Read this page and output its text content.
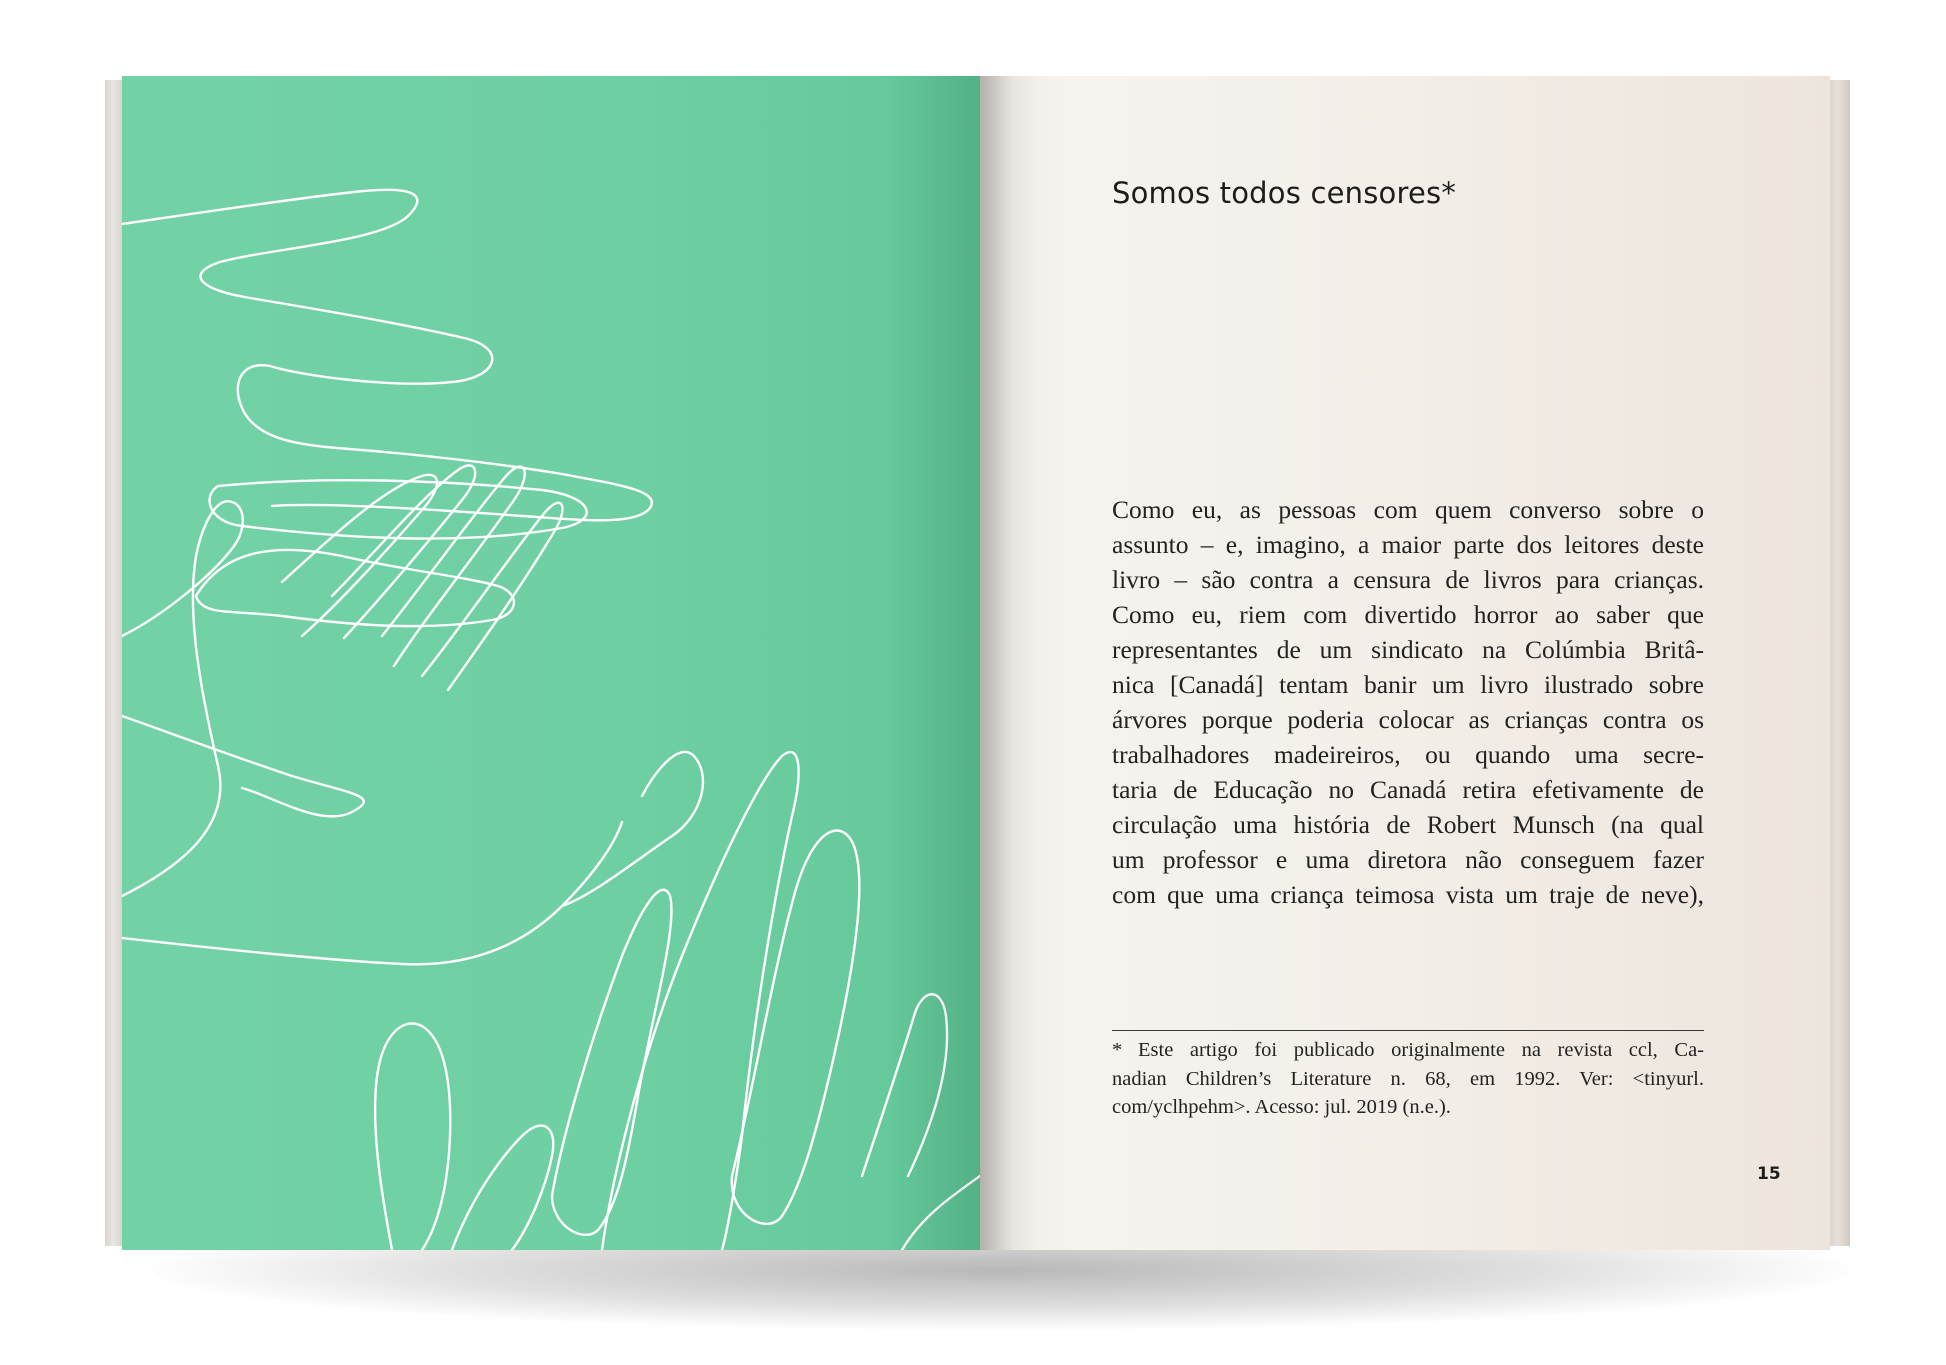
Somos todos censores*
Como eu, as pessoas com quem converso sobre o
assunto – e, imagino, a maior parte dos leitores deste
livro – são contra a censura de livros para crianças.
Como eu, riem com divertido horror ao saber que
representantes de um sindicato na Colúmbia Britâ-
nica [Canadá] tentam banir um livro ilustrado sobre
árvores porque poderia colocar as crianças contra os
trabalhadores madeireiros, ou quando uma secre-
taria de Educação no Canadá retira efetivamente de
circulação uma história de Robert Munsch (na qual
um professor e uma diretora não conseguem fazer
com que uma criança teimosa vista um traje de neve),
* Este artigo foi publicado originalmente na revista ccl, Ca-
nadian Children’s Literature n. 68, em 1992. Ver: <tinyurl.
com/yclhpehm>. Acesso: jul. 2019 (n.e.).
15
